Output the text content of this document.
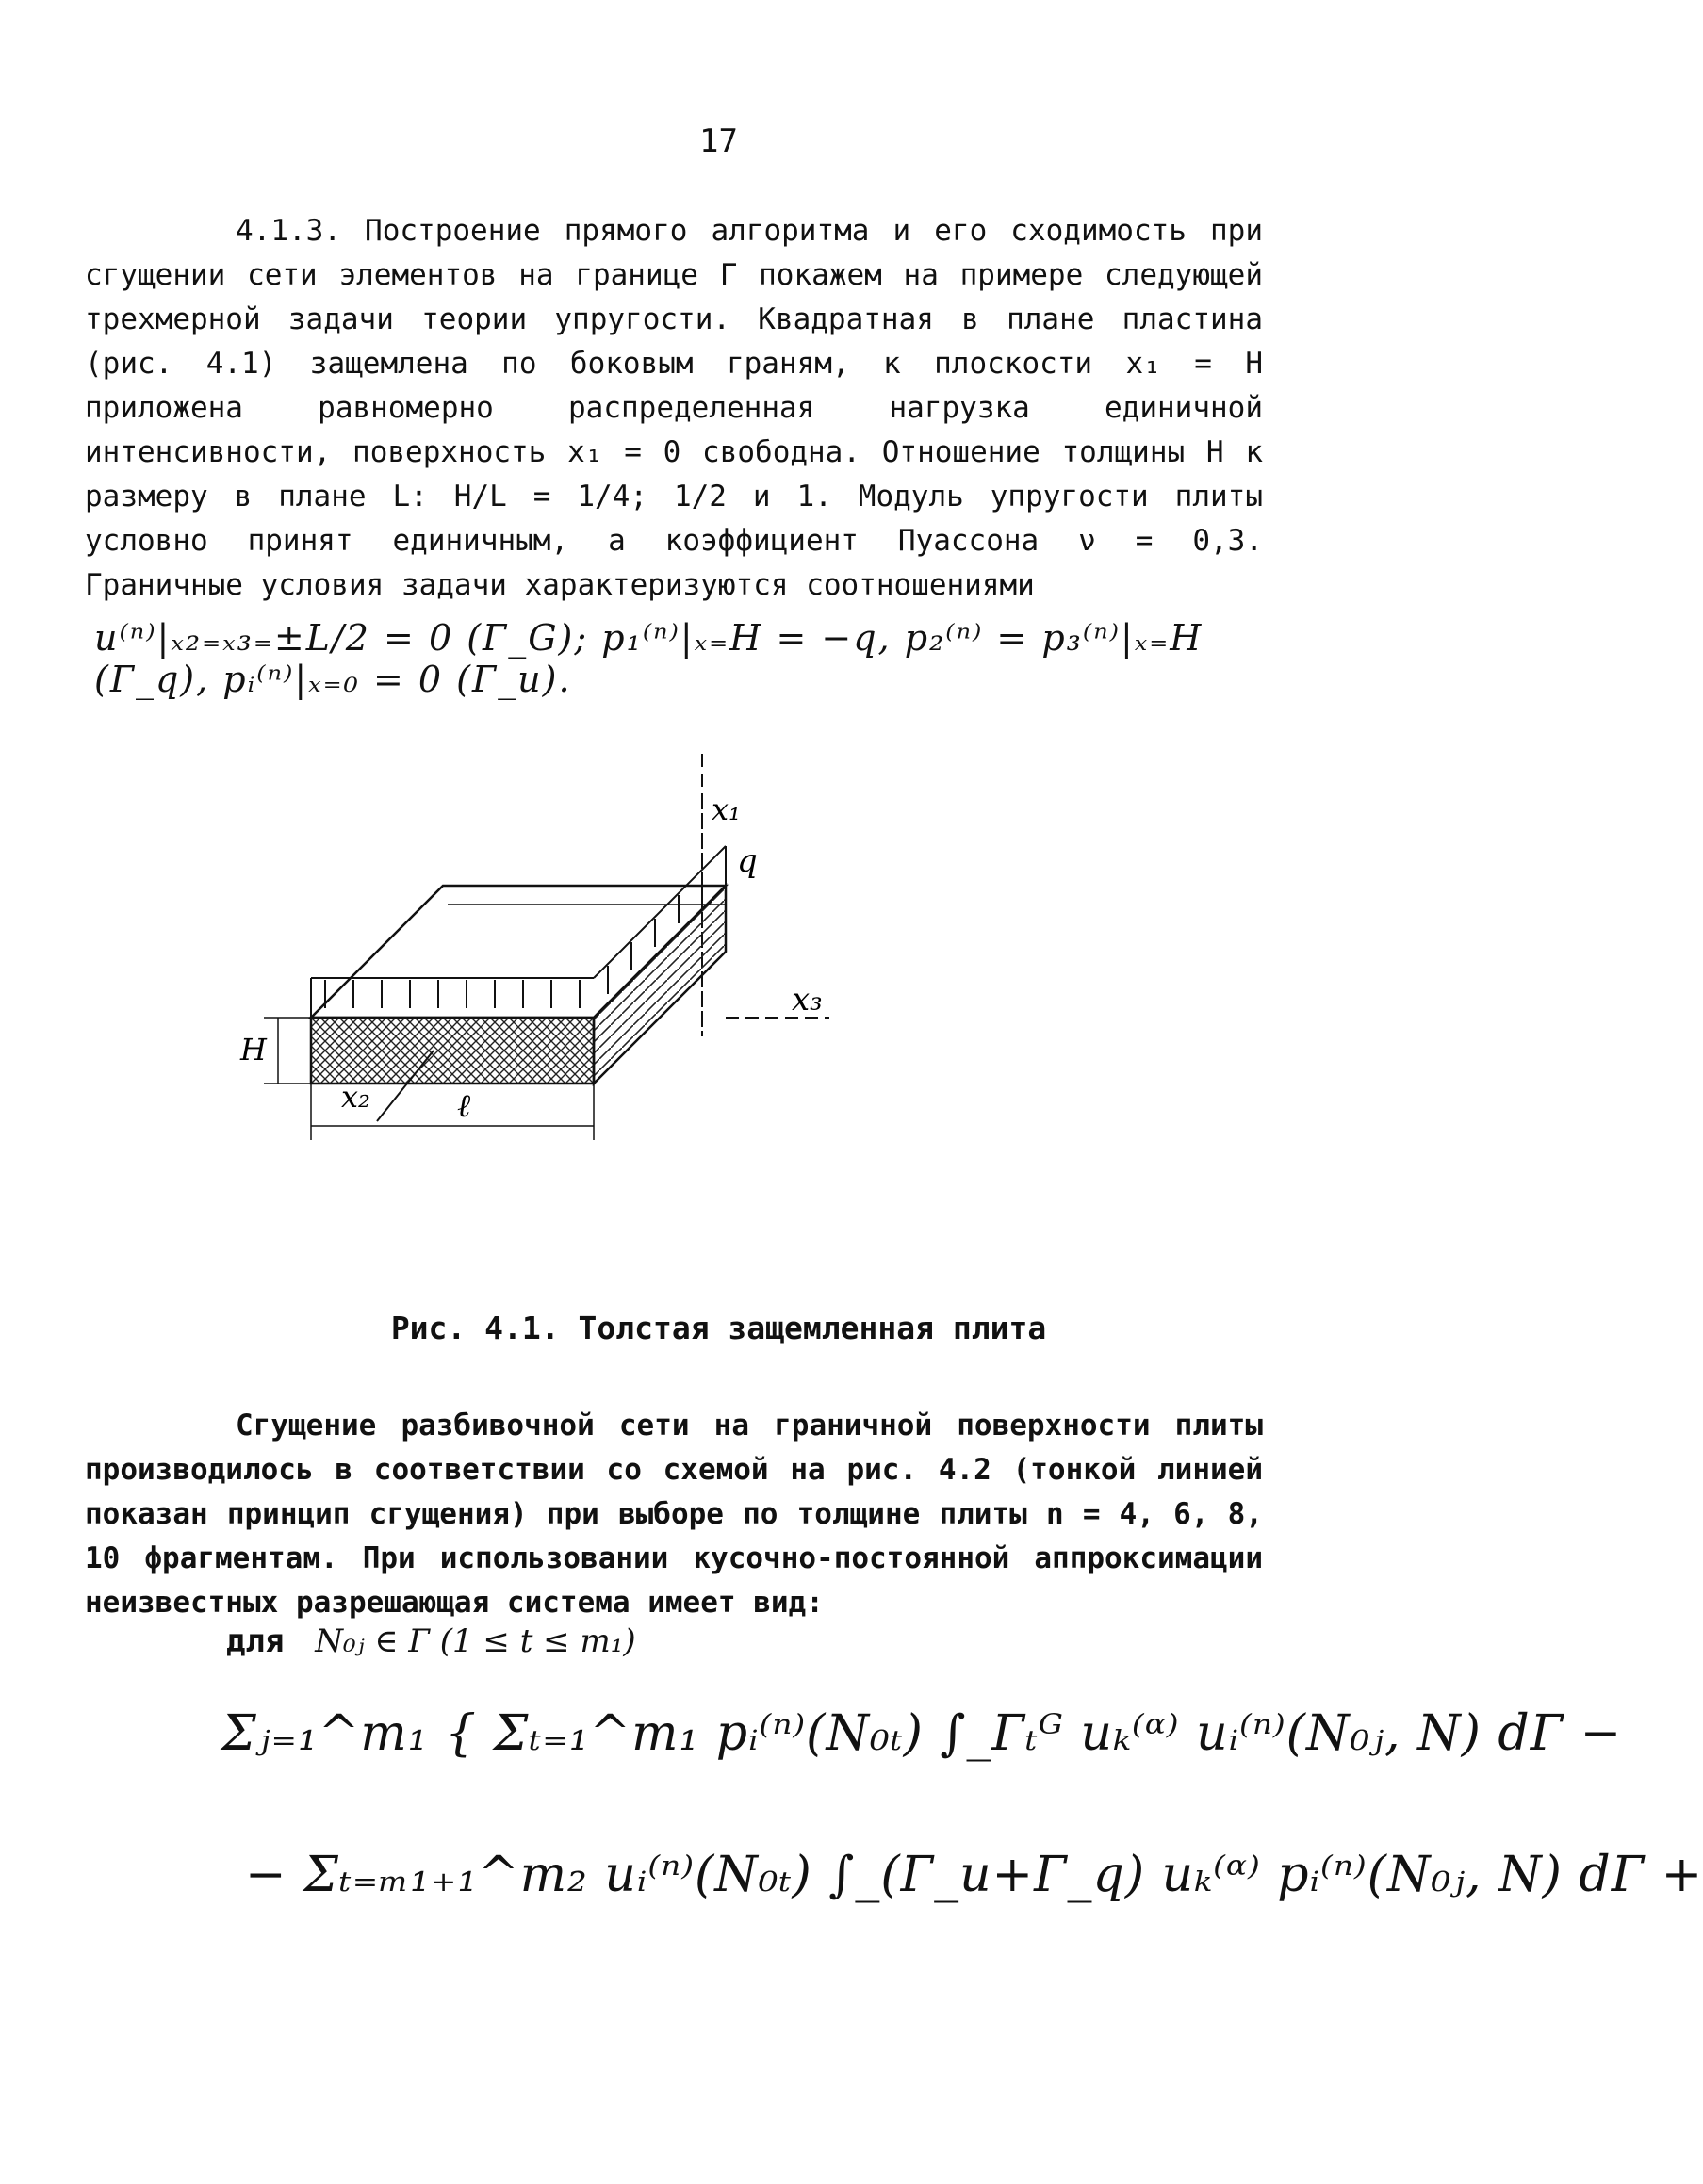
17
4.1.3. Построение прямого алгоритма и его сходимость при сгущении сети элементов на границе Г покажем на примере следующей трехмерной задачи теории упругости. Квадратная в плане пластина (рис. 4.1) защемлена по боковым граням, к плоскости x₁ = H приложена равномерно распределенная нагрузка единичной интенсивности, поверхность x₁ = 0 свободна. Отношение толщины H к размеру в плане L: H/L = 1/4; 1/2 и 1. Модуль упругости плиты условно принят единичным, а коэффициент Пуассона ν = 0,3. Граничные условия задачи характеризуются соотношениями
u⁽ⁿ⁾|ₓ₂₌ₓ₃₌±L/2 = 0 (Г_G); p₁⁽ⁿ⁾|ₓ₌H = −q, p₂⁽ⁿ⁾ = p₃⁽ⁿ⁾|ₓ₌H (Г_q), pᵢ⁽ⁿ⁾|ₓ₌₀ = 0 (Г_u).
x₁
q
x₃
H
x₂	ℓ
Рис. 4.1. Толстая защемленная плита
Сгущение разбивочной сети на граничной поверхности плиты производилось в соответствии со схемой на рис. 4.2 (тонкой линией показан принцип сгущения) при выборе по толщине плиты n = 4, 6, 8, 10 фрагментам. При использовании кусочно-постоянной аппроксимации неизвестных разрешающая система имеет вид:
для N₀ⱼ ∈ Г (1 ≤ t ≤ m₁)
Σⱼ₌₁^m₁ { Σₜ₌₁^m₁ pᵢ⁽ⁿ⁾(N₀ₜ) ∫_Гₜᴳ uₖ⁽ᵅ⁾ uᵢ⁽ⁿ⁾(N₀ⱼ, N) dГ −
− Σₜ₌ₘ₁₊₁^m₂ uᵢ⁽ⁿ⁾(N₀ₜ) ∫_(Г_u+Г_q) uₖ⁽ᵅ⁾ pᵢ⁽ⁿ⁾(N₀ⱼ, N) dГ +
